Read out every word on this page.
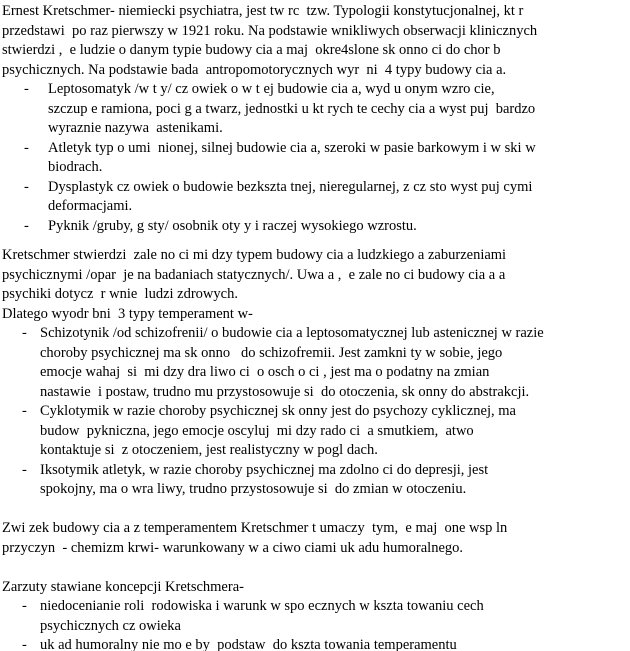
Ernest Kretschmer- niemiecki psychiatra, jest tw rc  tzw. Typologii konstytucjonalnej, kt r
przedstawi  po raz pierwszy w 1921 roku. Na podstawie wnikliwych obserwacji klinicznych
stwierdzi ,  e ludzie o danym typie budowy cia a maj  okre4slone sk onno ci do chor b
psychicznych. Na podstawie bada  antropomotorycznych wyr  ni  4 typy budowy cia a.
- Leptosomatyk /w t y/ cz owiek o w t ej budowie cia a, wyd u onym wzro cie,
szczup e ramiona, poci g a twarz, jednostki u kt rych te cechy cia a wyst puj  bardzo
wyraznie nazywa  astenikami.
- Atletyk typ o umi  nionej, silnej budowie cia a, szeroki w pasie barkowym i w ski w
biodrach.
- Dysplastyk cz owiek o budowie bezkszta tnej, nieregularnej, z cz sto wyst puj cymi
deformacjami.
- Pyknik /gruby, g sty/ osobnik oty y i raczej wysokiego wzrostu.
Kretschmer stwierdzi  zale no ci mi dzy typem budowy cia a ludzkiego a zaburzeniami
psychicznymi /opar  je na badaniach statycznych/. Uwa a ,  e zale no ci budowy cia a a
psychiki dotycz  r wnie  ludzi zdrowych.
Dlatego wyodr bni  3 typy temperament w-
- Schizotynik /od schizofrenii/ o budowie cia a leptosomatycznej lub astenicznej w razie
choroby psychicznej ma sk onno   do schizofremii. Jest zamkni ty w sobie, jego
emocje wahaj  si  mi dzy dra liwo ci  o osch o ci , jest ma o podatny na zmian
nastawie  i postaw, trudno mu przystosowuje si  do otoczenia, sk onny do abstrakcji.
- Cyklotymik w razie choroby psychicznej sk onny jest do psychozy cyklicznej, ma
budow  pykniczna, jego emocje oscyluj  mi dzy rado ci  a smutkiem,  atwo
kontaktuje si  z otoczeniem, jest realistyczny w pogl dach.
- Iksotymik atletyk, w razie choroby psychicznej ma zdolno ci do depresji, jest
spokojny, ma o wra liwy, trudno przystosowuje si  do zmian w otoczeniu.
Zwi zek budowy cia a z temperamentem Kretschmer t umaczy  tym,  e maj  one wsp ln
przyczyn  - chemizm krwi- warunkowany w a ciwo ciami uk adu humoralnego.
Zarzuty stawiane koncepcji Kretschmera-
- niedocenianie roli  rodowiska i warunk w spo ecznych w kszta towaniu cech
psychicznych cz owieka
- uk ad humoralny nie mo e by  podstaw  do kszta towania temperamentu
